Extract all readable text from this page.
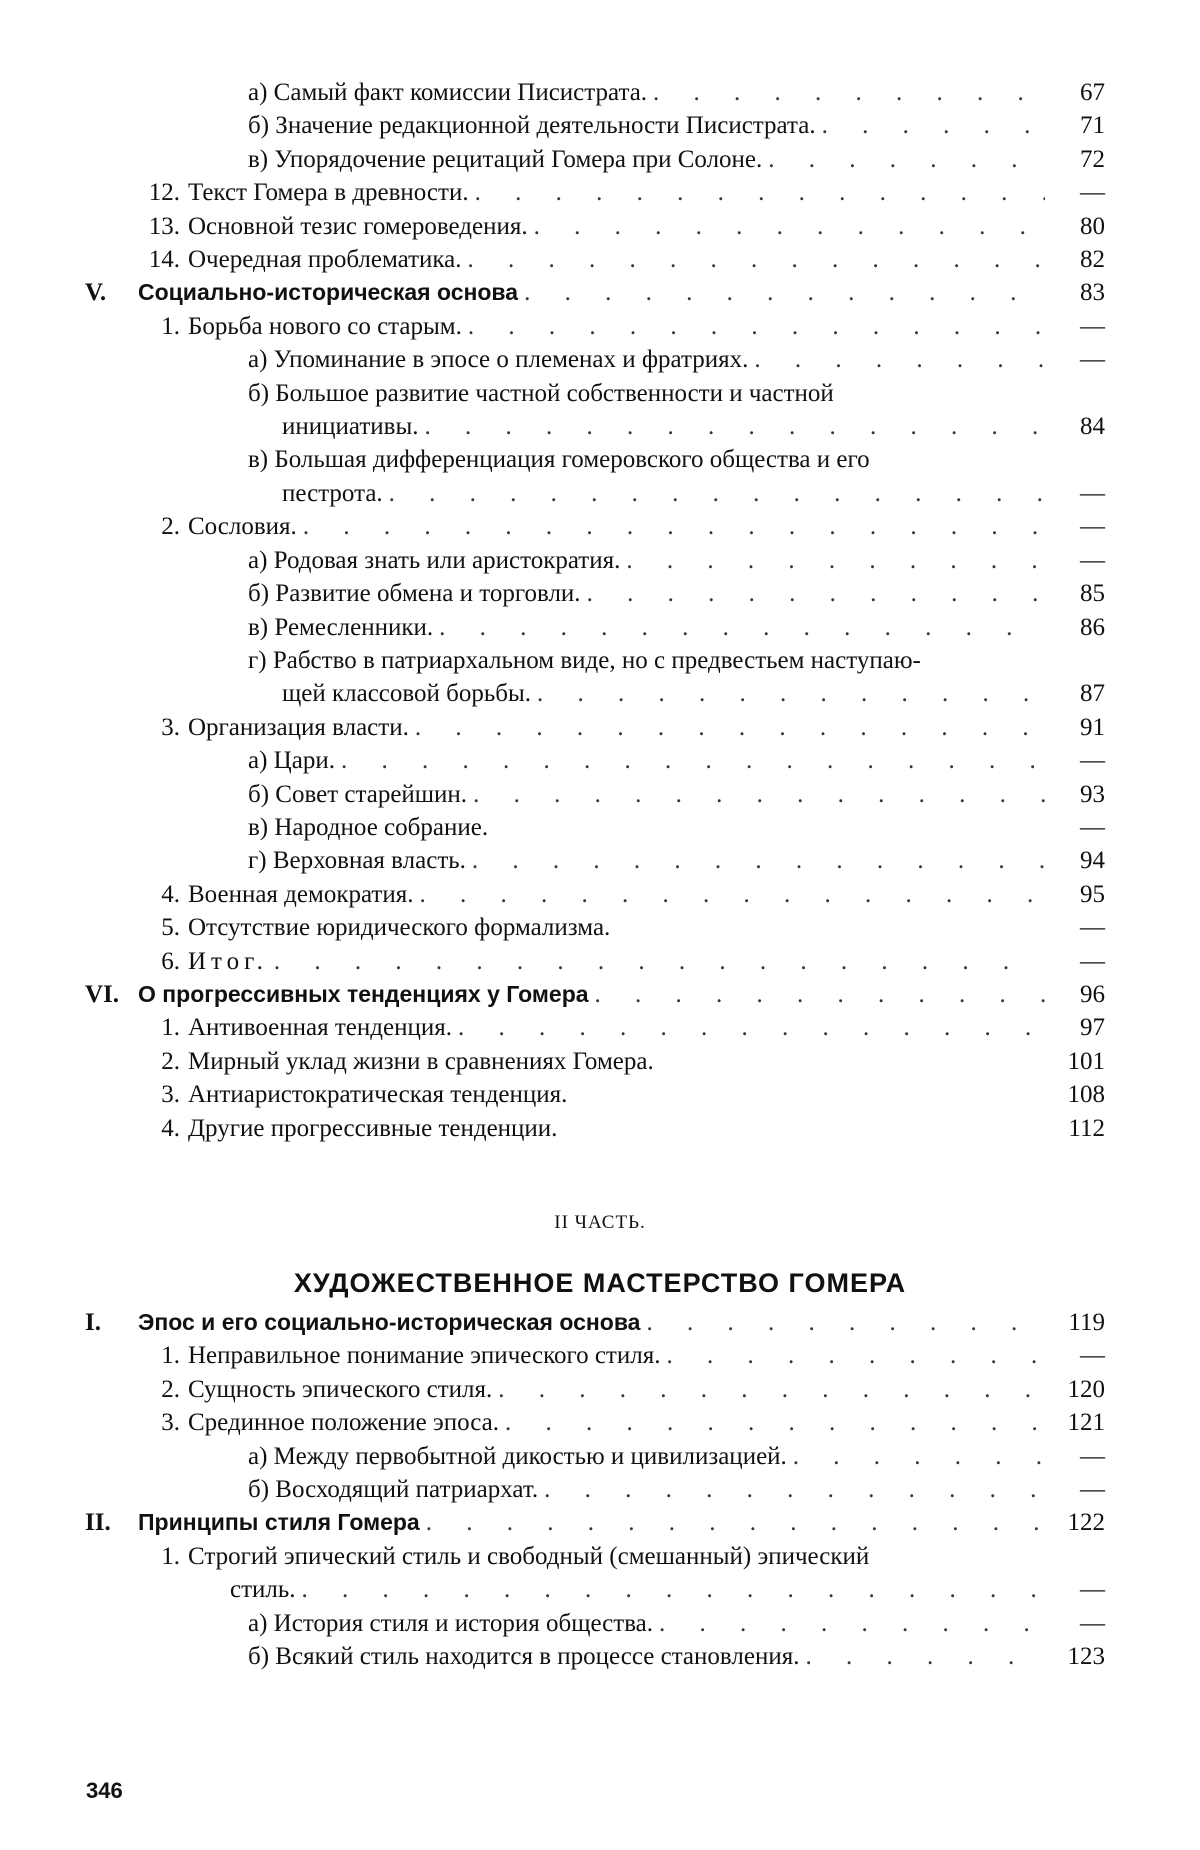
а) Самый факт комиссии Писистрата. . . .	67
б) Значение редакционной деятельности Писистрата. . . .	71
в) Упорядочение рецитаций Гомера при Солоне. . . .	72
12. Текст Гомера в древности. . . .	—
13. Основной тезис гомероведения. . . .	80
14. Очередная проблематика. . . .	82
V.	Социально-историческая основа . . .	83
1. Борьба нового со старым. . . .	—
а) Упоминание в эпосе о племенах и фратриях. . . .	—
б) Большое развитие частной собственности и частной
инициативы. . . .	84
в) Большая дифференциация гомеровского общества и его
пестрота. . . .	—
2. Сословия. . . .	—
а) Родовая знать или аристократия. . . .	—
б) Развитие обмена и торговли. . . .	85
в) Ремесленники. . . .	86
г) Рабство в патриархальном виде, но с предвестьем наступаю-
щей классовой борьбы. . . .	87
3. Организация власти. . . .	91
а) Цари. . . .	—
б) Совет старейшин. . . .	93
в) Народное собрание.	—
г) Верховная власть. . . .	94
4. Военная демократия. . . .	95
5. Отсутствие юридического формализма.	—
6. Итог. . . .	—
VI. О прогрессивных тенденциях у Гомера . . .	96
1. Антивоенная тенденция. . . .	97
2. Мирный уклад жизни в сравнениях Гомера.	101
3. Антиаристократическая тенденция.	108
4. Другие прогрессивные тенденции.	112
II ЧАСТЬ.
ХУДОЖЕСТВЕННОЕ МАСТЕРСТВО ГОМЕРА
I.	Эпос и его социально-историческая основа . . .	119
1. Неправильное понимание эпического стиля. . . .	—
2. Сущность эпического стиля. . . .	120
3. Срединное положение эпоса. . . .	121
а) Между первобытной дикостью и цивилизацией. . . .	—
б) Восходящий патриархат. . . .	—
II.	Принципы стиля Гомера . . .	122
1. Строгий эпический стиль и свободный (смешанный) эпический
стиль. . . .	—
а) История стиля и история общества. . . .	—
б) Всякий стиль находится в процессе становления. . . .	123
346
